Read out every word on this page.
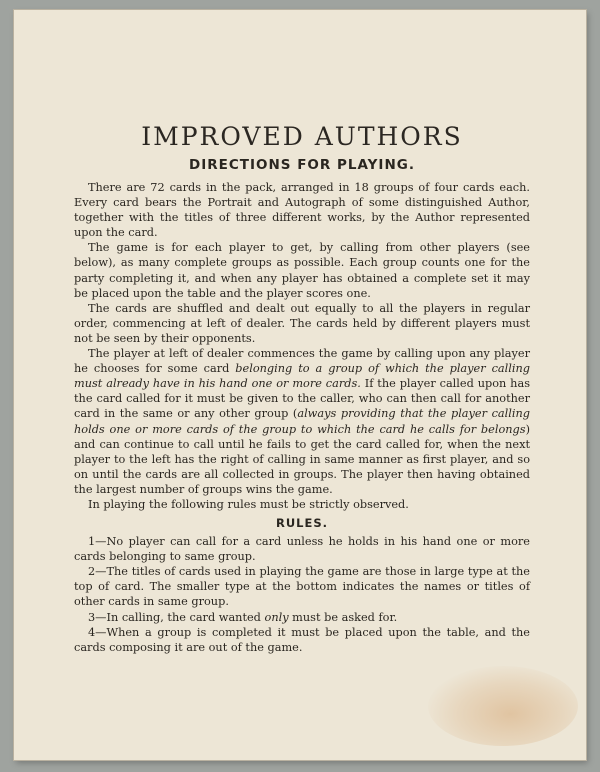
IMPROVED AUTHORS
DIRECTIONS FOR PLAYING.

There are 72 cards in the pack, arranged in 18 groups of four cards each. Every card bears the Portrait and Autograph of some distinguished Author, together with the titles of three different works, by the Author represented upon the card.

The game is for each player to get, by calling from other players (see below), as many complete groups as possible. Each group counts one for the party completing it, and when any player has obtained a complete set it may be placed upon the table and the player scores one.

The cards are shuffled and dealt out equally to all the players in regular order, commencing at left of dealer. The cards held by different players must not be seen by their opponents.

The player at left of dealer commences the game by calling upon any player he chooses for some card belonging to a group of which the player calling must already have in his hand one or more cards. If the player called upon has the card called for it must be given to the caller, who can then call for another card in the same or any other group (always providing that the player calling holds one or more cards of the group to which the card he calls for belongs) and can continue to call until he fails to get the card called for, when the next player to the left has the right of calling in same manner as first player, and so on until the cards are all collected in groups. The player then having obtained the largest number of groups wins the game.

In playing the following rules must be strictly observed.

RULES.

1—No player can call for a card unless he holds in his hand one or more cards belonging to same group.

2—The titles of cards used in playing the game are those in large type at the top of card. The smaller type at the bottom indicates the names or titles of other cards in same group.

3—In calling, the card wanted only must be asked for.

4—When a group is completed it must be placed upon the table, and the cards composing it are out of the game.
